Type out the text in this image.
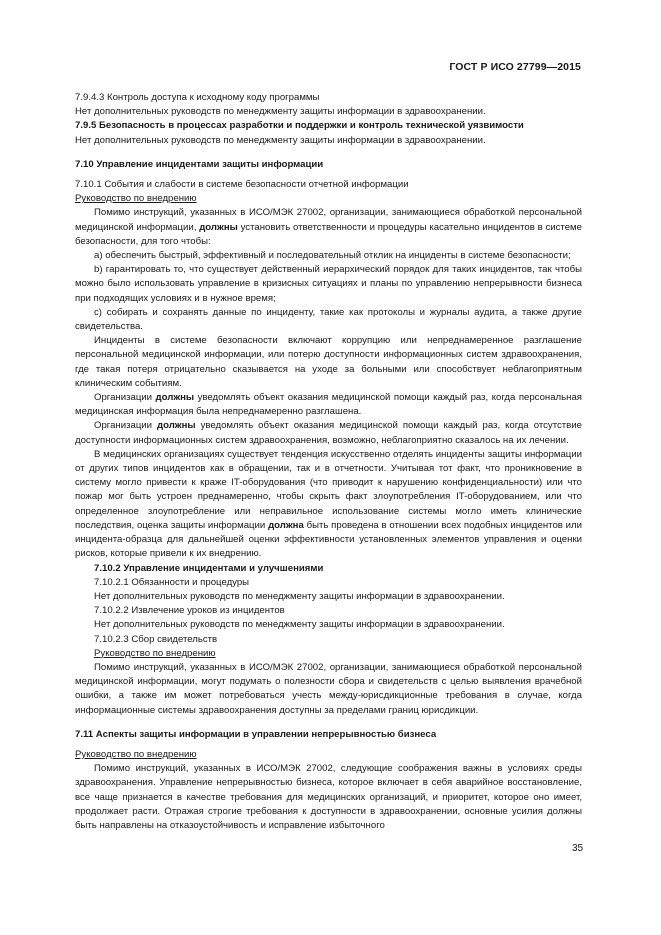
ГОСТ Р ИСО 27799—2015

7.9.4.3 Контроль доступа к исходному коду программы

Нет дополнительных руководств по менеджменту защиты информации в здравоохранении.

7.9.5 Безопасность в процессах разработки и поддержки и контроль технической уязвимости

Нет дополнительных руководств по менеджменту защиты информации в здравоохранении.

7.10 Управление инцидентами защиты информации

7.10.1 События и слабости в системе безопасности отчетной информации

Руководство по внедрению

Помимо инструкций, указанных в ИСО/МЭК 27002, организации, занимающиеся обработкой персональной медицинской информации, должны установить ответственности и процедуры касательно инцидентов в системе безопасности, для того чтобы:

a) обеспечить быстрый, эффективный и последовательный отклик на инциденты в системе безопасности;

b) гарантировать то, что существует действенный иерархический порядок для таких инцидентов, так чтобы можно было использовать управление в кризисных ситуациях и планы по управлению непрерывности бизнеса при подходящих условиях и в нужное время;

c) собирать и сохранять данные по инциденту, такие как протоколы и журналы аудита, а также другие свидетельства.

Инциденты в системе безопасности включают коррупцию или непреднамеренное разглашение персональной медицинской информации, или потерю доступности информационных систем здравоохранения, где такая потеря отрицательно сказывается на уходе за больными или способствует неблагоприятным клиническим событиям.

Организации должны уведомлять объект оказания медицинской помощи каждый раз, когда персональная медицинская информация была непреднамеренно разглашена.

Организации должны уведомлять объект оказания медицинской помощи каждый раз, когда отсутствие доступности информационных систем здравоохранения, возможно, неблагоприятно сказалось на их лечении.

В медицинских организациях существует тенденция искусственно отделять инциденты защиты информации от других типов инцидентов как в обращении, так и в отчетности. Учитывая тот факт, что проникновение в систему могло привести к краже IT-оборудования (что приводит к нарушению конфиденциальности) или что пожар мог быть устроен преднамеренно, чтобы скрыть факт злоупотребления IT-оборудованием, или что определенное злоупотребление или неправильное использование системы могло иметь клинические последствия, оценка защиты информации должна быть проведена в отношении всех подобных инцидентов или инцидента-образца для дальнейшей оценки эффективности установленных элементов управления и оценки рисков, которые привели к их внедрению.

7.10.2 Управление инцидентами и улучшениями

7.10.2.1 Обязанности и процедуры

Нет дополнительных руководств по менеджменту защиты информации в здравоохранении.

7.10.2.2 Извлечение уроков из инцидентов

Нет дополнительных руководств по менеджменту защиты информации в здравоохранении.

7.10.2.3 Сбор свидетельств

Руководство по внедрению

Помимо инструкций, указанных в ИСО/МЭК 27002, организации, занимающиеся обработкой персональной медицинской информации, могут подумать о полезности сбора и свидетельств с целью выявления врачебной ошибки, а также им может потребоваться учесть между-юрисдикционные требования в случае, когда информационные системы здравоохранения доступны за пределами границ юрисдикции.

7.11 Аспекты защиты информации в управлении непрерывностью бизнеса

Руководство по внедрению

Помимо инструкций, указанных в ИСО/МЭК 27002, следующие соображения важны в условиях среды здравоохранения. Управление непрерывностью бизнеса, которое включает в себя аварийное восстановление, все чаще признается в качестве требования для медицинских организаций, и приоритет, которое оно имеет, продолжает расти. Отражая строгие требования к доступности в здравоохранении, основные усилия должны быть направлены на отказоустойчивость и исправление избыточного

35
